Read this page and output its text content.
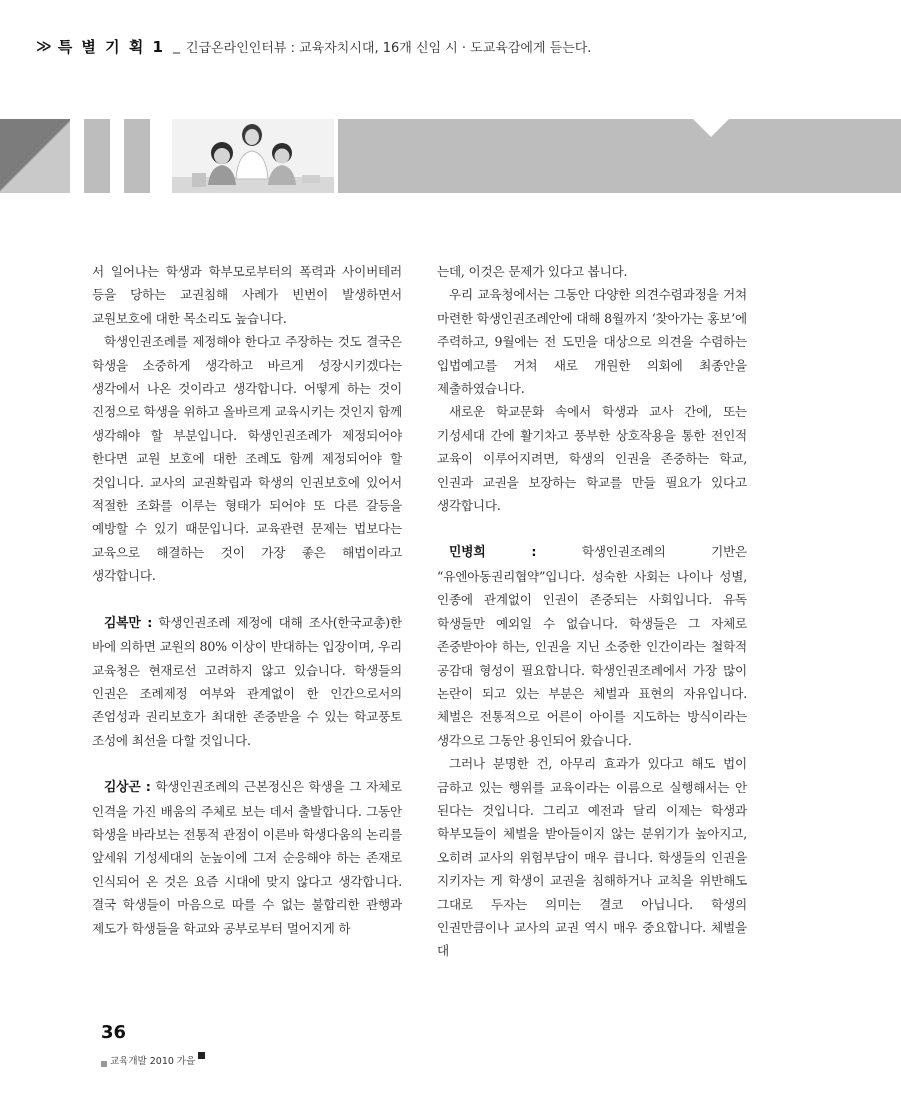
≫ 특 별 기 획 1 _ 긴급온라인인터뷰 : 교육자치시대, 16개 신임 시 · 도교육감에게 듣는다.

서 일어나는 학생과 학부모로부터의 폭력과 사이버테러 등을 당하는 교권침해 사례가 빈번이 발생하면서 교원보호에 대한 목소리도 높습니다.

학생인권조례를 제정해야 한다고 주장하는 것도 결국은 학생을 소중하게 생각하고 바르게 성장시키겠다는 생각에서 나온 것이라고 생각합니다. 어떻게 하는 것이 진정으로 학생을 위하고 올바르게 교육시키는 것인지 함께 생각해야 할 부분입니다. 학생인권조례가 제정되어야 한다면 교원 보호에 대한 조례도 함께 제정되어야 할 것입니다. 교사의 교권확립과 학생의 인권보호에 있어서 적절한 조화를 이루는 형태가 되어야 또 다른 갈등을 예방할 수 있기 때문입니다. 교육관련 문제는 법보다는 교육으로 해결하는 것이 가장 좋은 해법이라고 생각합니다.

김복만 : 학생인권조례 제정에 대해 조사(한국교총)한 바에 의하면 교원의 80% 이상이 반대하는 입장이며, 우리 교육청은 현재로선 고려하지 않고 있습니다. 학생들의 인권은 조례제정 여부와 관계없이 한 인간으로서의 존엄성과 권리보호가 최대한 존중받을 수 있는 학교풍토 조성에 최선을 다할 것입니다.

김상곤 : 학생인권조례의 근본정신은 학생을 그 자체로 인격을 가진 배움의 주체로 보는 데서 출발합니다. 그동안 학생을 바라보는 전통적 관점이 이른바 학생다움의 논리를 앞세워 기성세대의 눈높이에 그저 순응해야 하는 존재로 인식되어 온 것은 요즘 시대에 맞지 않다고 생각합니다. 결국 학생들이 마음으로 따를 수 없는 불합리한 관행과 제도가 학생들을 학교와 공부로부터 멀어지게 하

는데, 이것은 문제가 있다고 봅니다.

우리 교육청에서는 그동안 다양한 의견수렴과정을 거쳐 마련한 학생인권조례안에 대해 8월까지 ‘찾아가는 홍보’에 주력하고, 9월에는 전 도민을 대상으로 의견을 수렴하는 입법예고를 거쳐 새로 개원한 의회에 최종안을 제출하였습니다.

새로운 학교문화 속에서 학생과 교사 간에, 또는 기성세대 간에 활기차고 풍부한 상호작용을 통한 전인적 교육이 이루어지려면, 학생의 인권을 존중하는 학교, 인권과 교권을 보장하는 학교를 만들 필요가 있다고 생각합니다.

민병희 : 학생인권조례의 기반은 “유엔아동권리협약”입니다. 성숙한 사회는 나이나 성별, 인종에 관계없이 인권이 존중되는 사회입니다. 유독 학생들만 예외일 수 없습니다. 학생들은 그 자체로 존중받아야 하는, 인권을 지닌 소중한 인간이라는 철학적 공감대 형성이 필요합니다. 학생인권조례에서 가장 많이 논란이 되고 있는 부분은 체벌과 표현의 자유입니다. 체벌은 전통적으로 어른이 아이를 지도하는 방식이라는 생각으로 그동안 용인되어 왔습니다.

그러나 분명한 건, 아무리 효과가 있다고 해도 법이 금하고 있는 행위를 교육이라는 이름으로 실행해서는 안 된다는 것입니다. 그리고 예전과 달리 이제는 학생과 학부모들이 체벌을 받아들이지 않는 분위기가 높아지고, 오히려 교사의 위험부담이 매우 큽니다. 학생들의 인권을 지키자는 게 학생이 교권을 침해하거나 교칙을 위반해도 그대로 두자는 의미는 결코 아닙니다. 학생의 인권만큼이나 교사의 교권 역시 매우 중요합니다. 체벌을 대

36
교육개발 2010 가을
